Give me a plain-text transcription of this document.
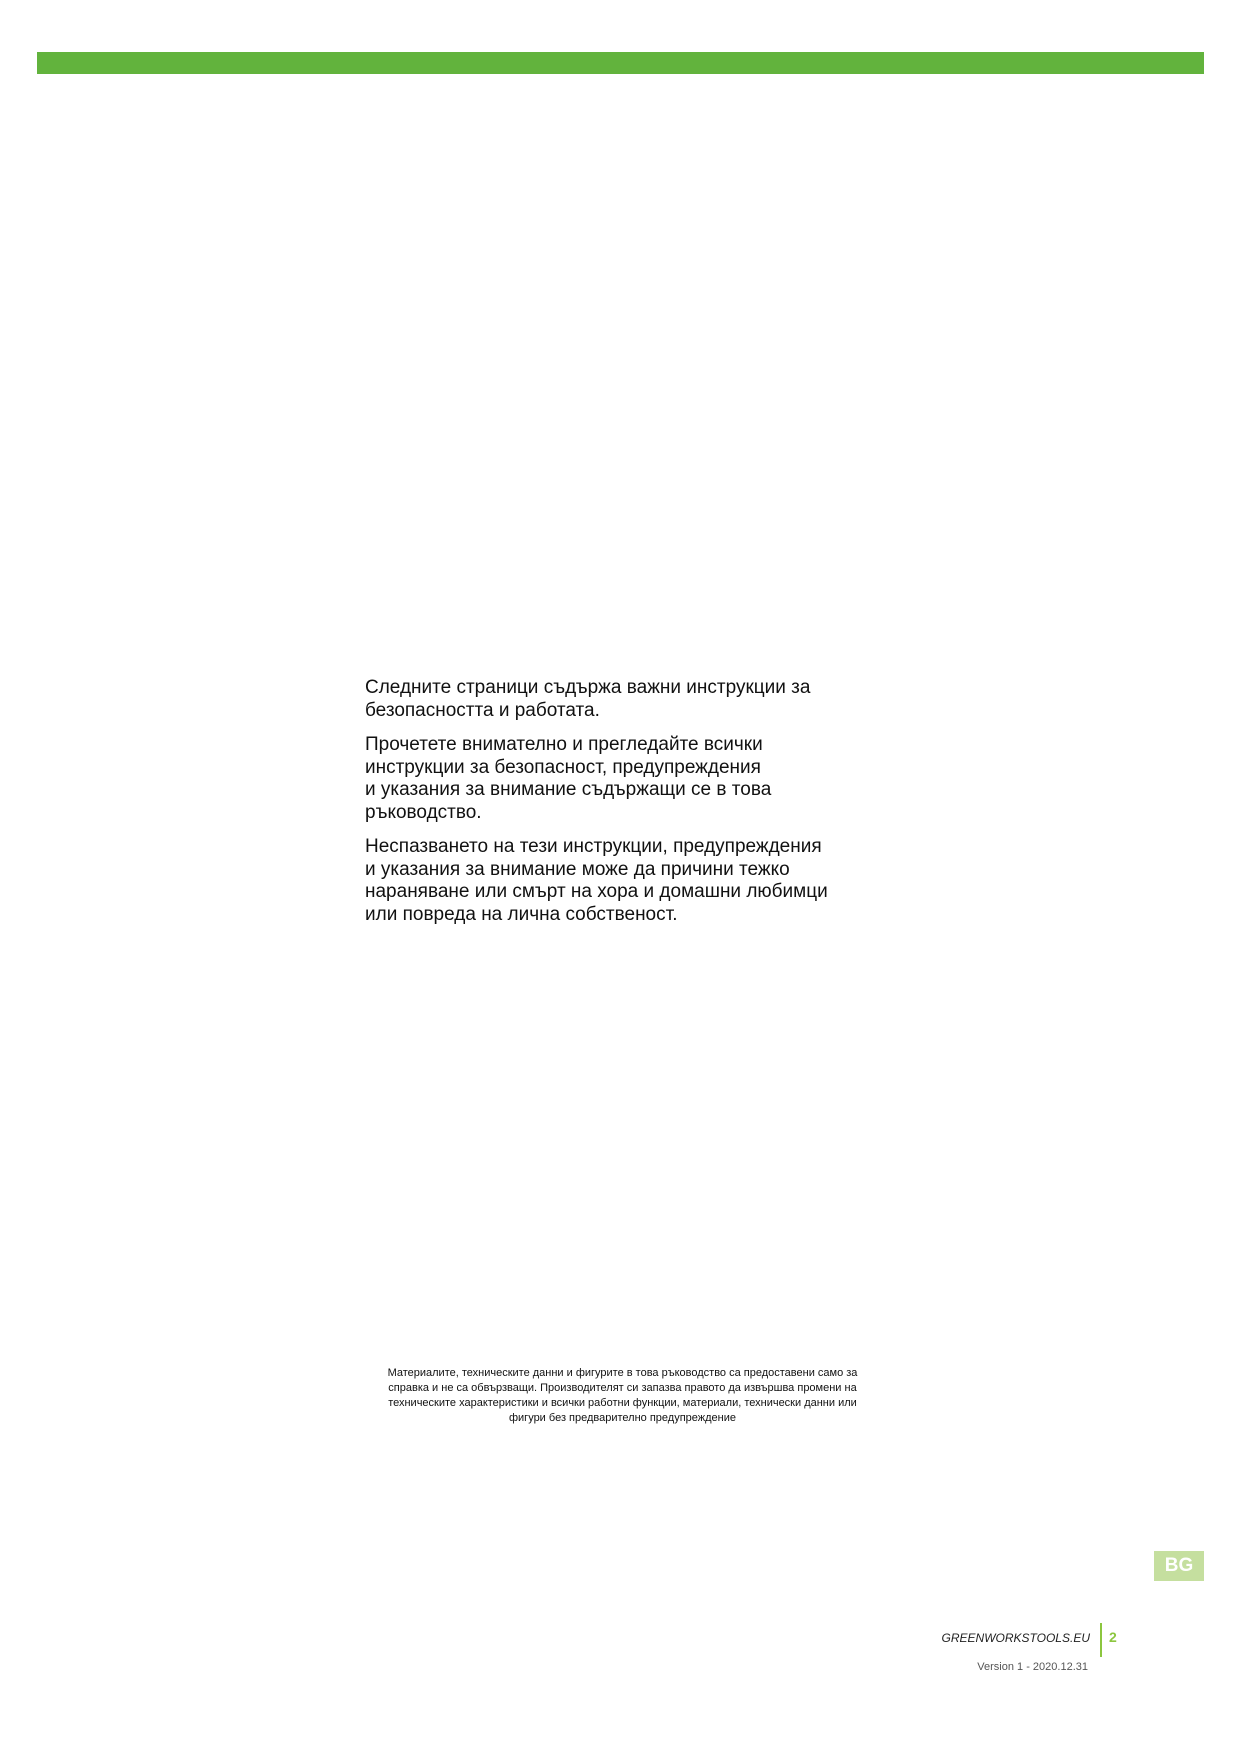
Следните страници съдържа важни инструкции за
безопасността и работата.

Прочетете внимателно и прегледайте всички
инструкции за безопасност, предупреждения
и указания за внимание съдържащи се в това
ръководство.

Неспазването на тези инструкции, предупреждения
и указания за внимание може да причини тежко
нараняване или смърт на хора и домашни любимци
или повреда на лична собственост.

Материалите, техническите данни и фигурите в това ръководство са предоставени само за
справка и не са обвързващи. Производителят си запазва правото да извършва промени на
техническите характеристики и всички работни функции, материали, технически данни или
фигури без предварително предупреждение
BG
GREENWORKSTOOLS.EU 2
Version 1 - 2020.12.31
